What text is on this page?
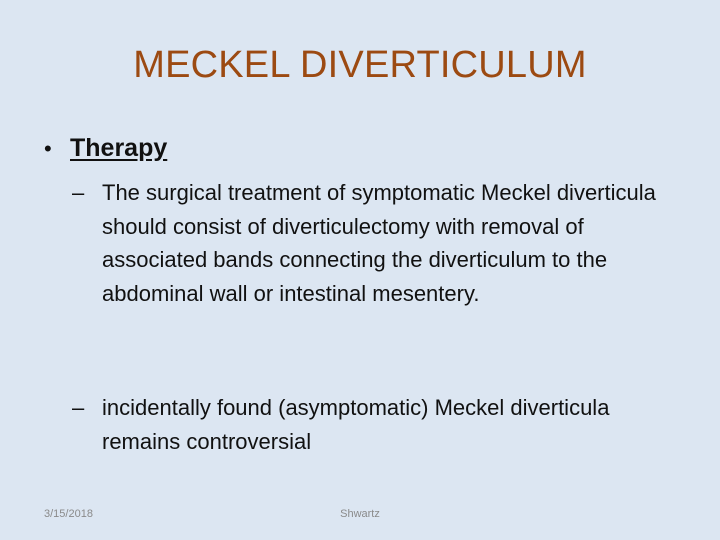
MECKEL DIVERTICULUM
• Therapy
– The surgical treatment of symptomatic Meckel diverticula should consist of diverticulectomy with removal of associated bands connecting the diverticulum to the abdominal wall or intestinal mesentery.
– incidentally found (asymptomatic) Meckel diverticula remains controversial
3/15/2018	Shwartz
